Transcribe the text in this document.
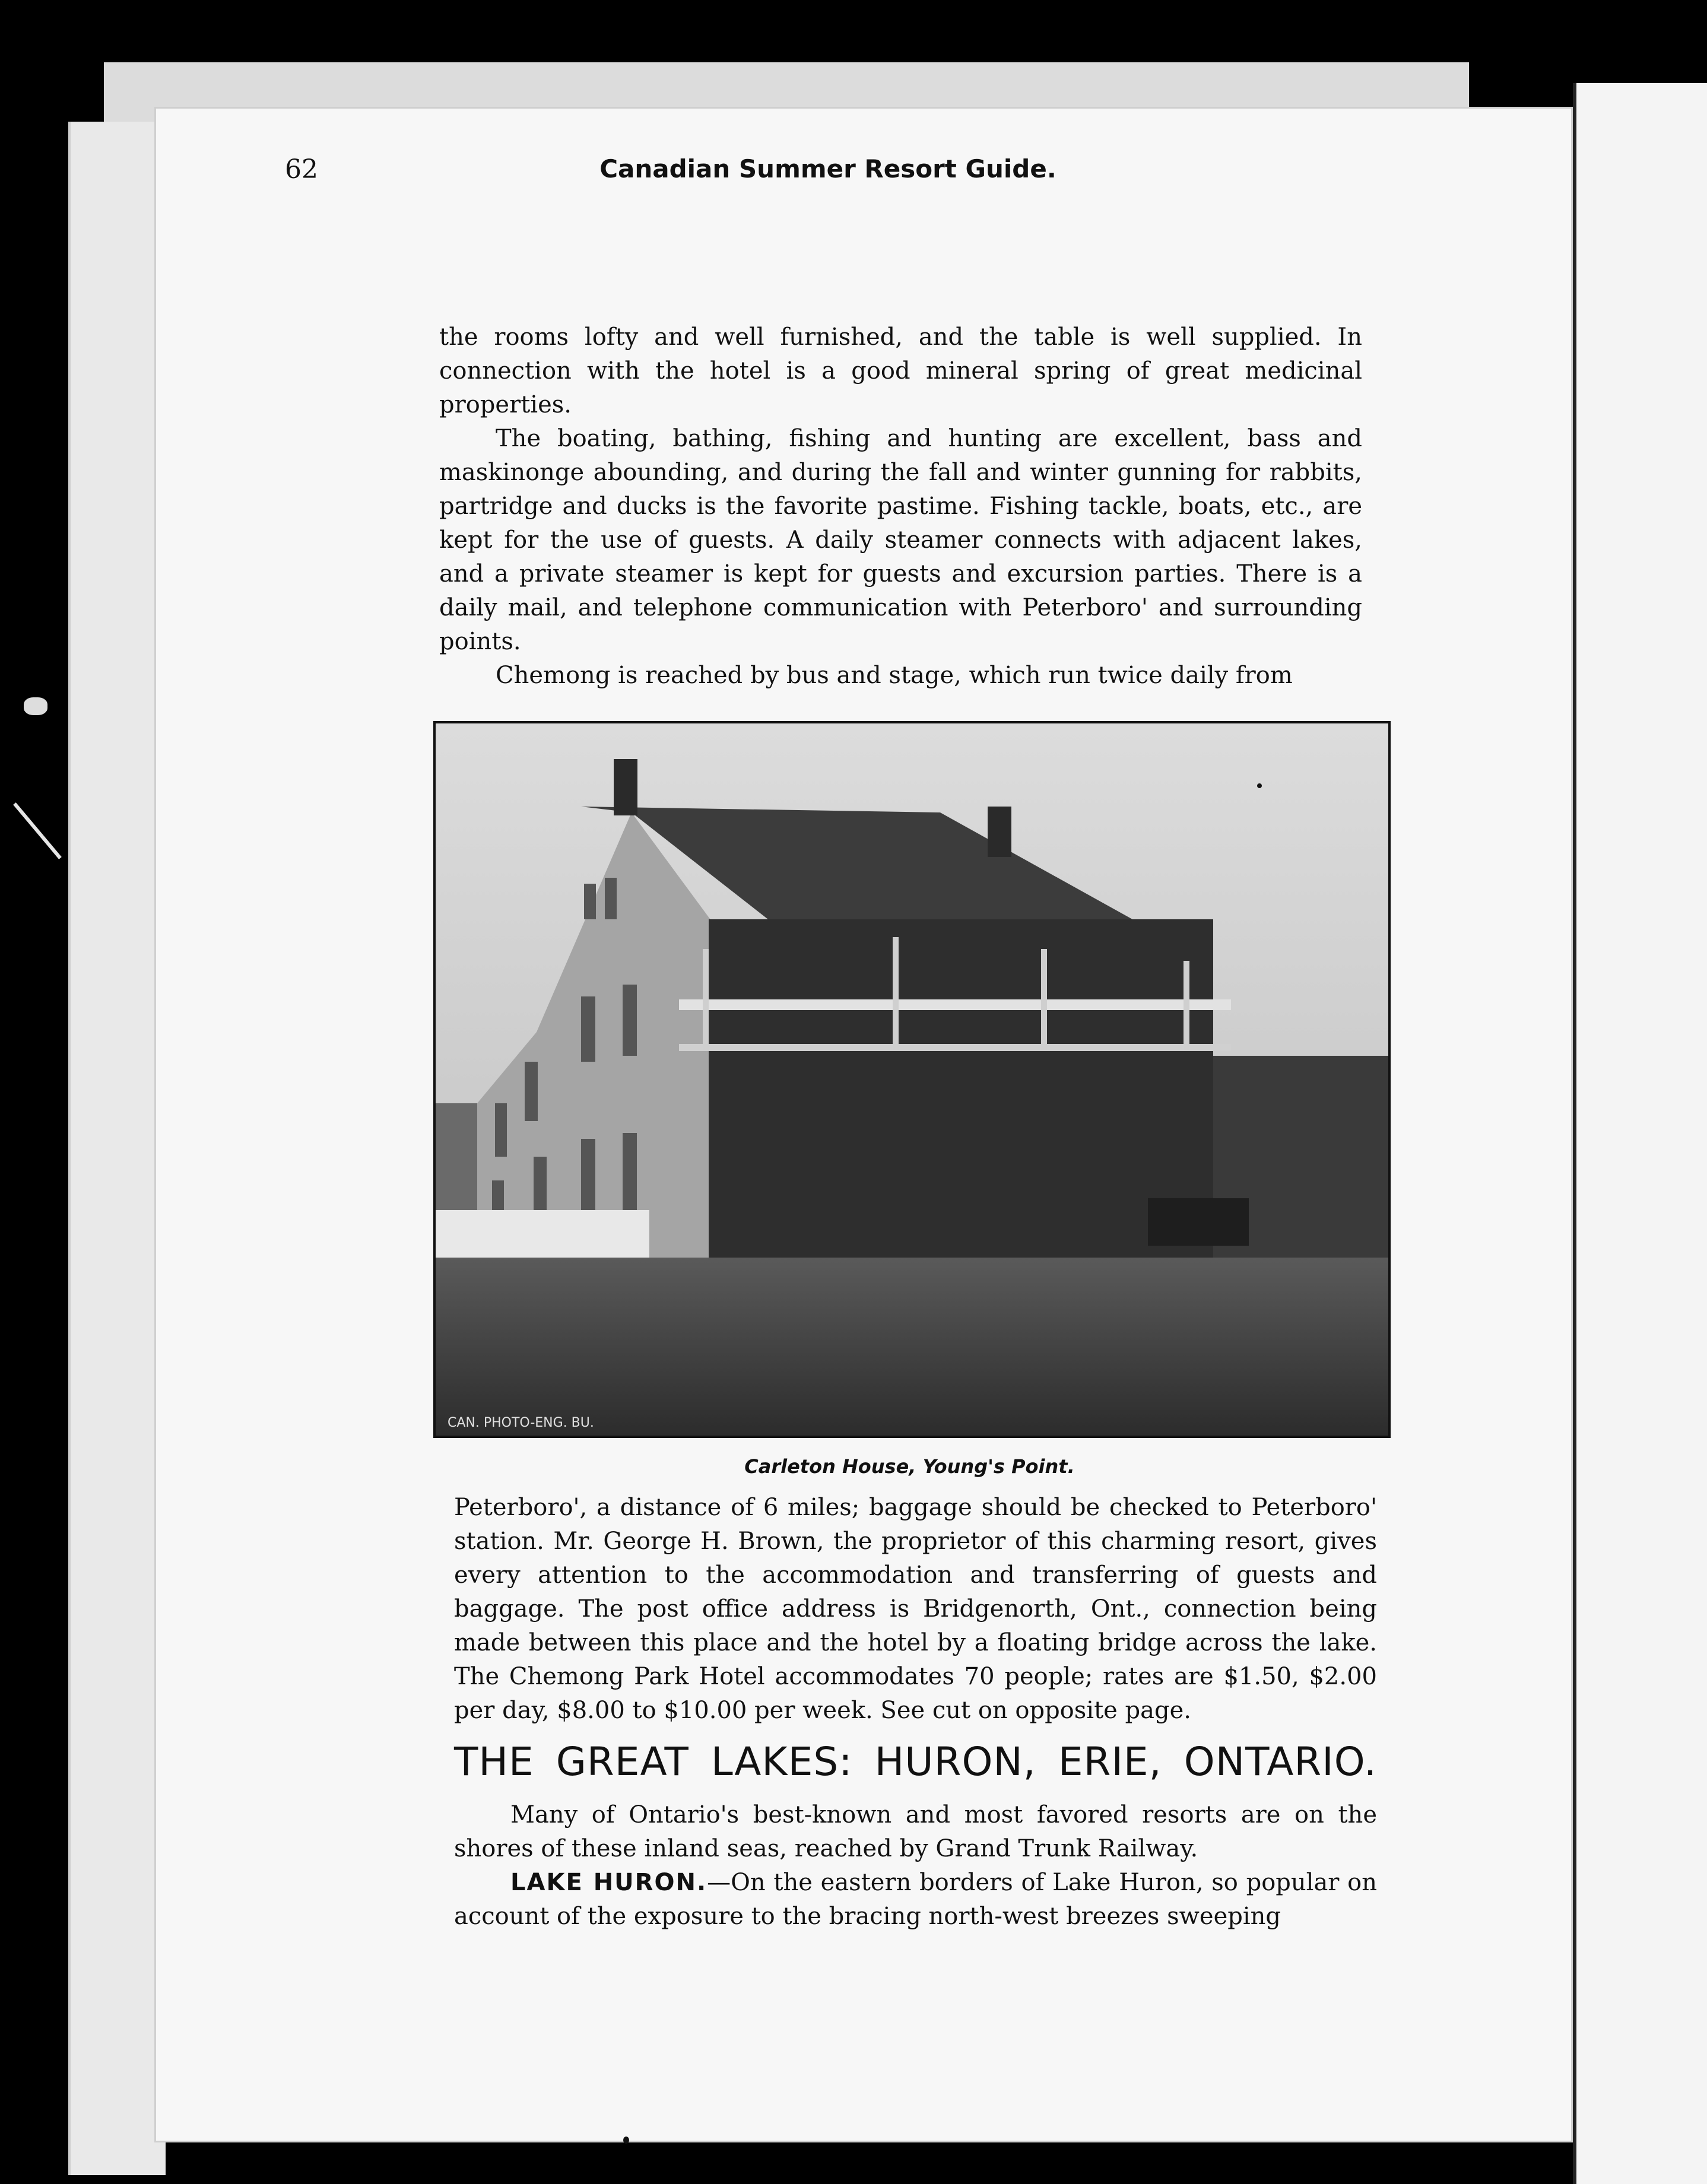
62	Canadian Summer Resort Guide.

the rooms lofty and well furnished, and the table is well supplied. In connection with the hotel is a good mineral spring of great medicinal properties.

The boating, bathing, fishing and hunting are excellent, bass and maskinonge abounding, and during the fall and winter gunning for rabbits, partridge and ducks is the favorite pastime. Fishing tackle, boats, etc., are kept for the use of guests. A daily steamer connects with adjacent lakes, and a private steamer is kept for guests and excursion parties. There is a daily mail, and telephone communication with Peterboro' and surrounding points.

Chemong is reached by bus and stage, which run twice daily from

CAN. PHOTO-ENG. BU.
Carleton House, Young's Point.

Peterboro', a distance of 6 miles; baggage should be checked to Peterboro' station. Mr. George H. Brown, the proprietor of this charming resort, gives every attention to the accommodation and transferring of guests and baggage. The post office address is Bridgenorth, Ont., connection being made between this place and the hotel by a floating bridge across the lake. The Chemong Park Hotel accommodates 70 people; rates are $1.50, $2.00 per day, $8.00 to $10.00 per week. See cut on opposite page.

THE GREAT LAKES: HURON, ERIE, ONTARIO.

Many of Ontario's best-known and most favored resorts are on the shores of these inland seas, reached by Grand Trunk Railway.

LAKE HURON.—On the eastern borders of Lake Huron, so popular on account of the exposure to the bracing north-west breezes sweeping
